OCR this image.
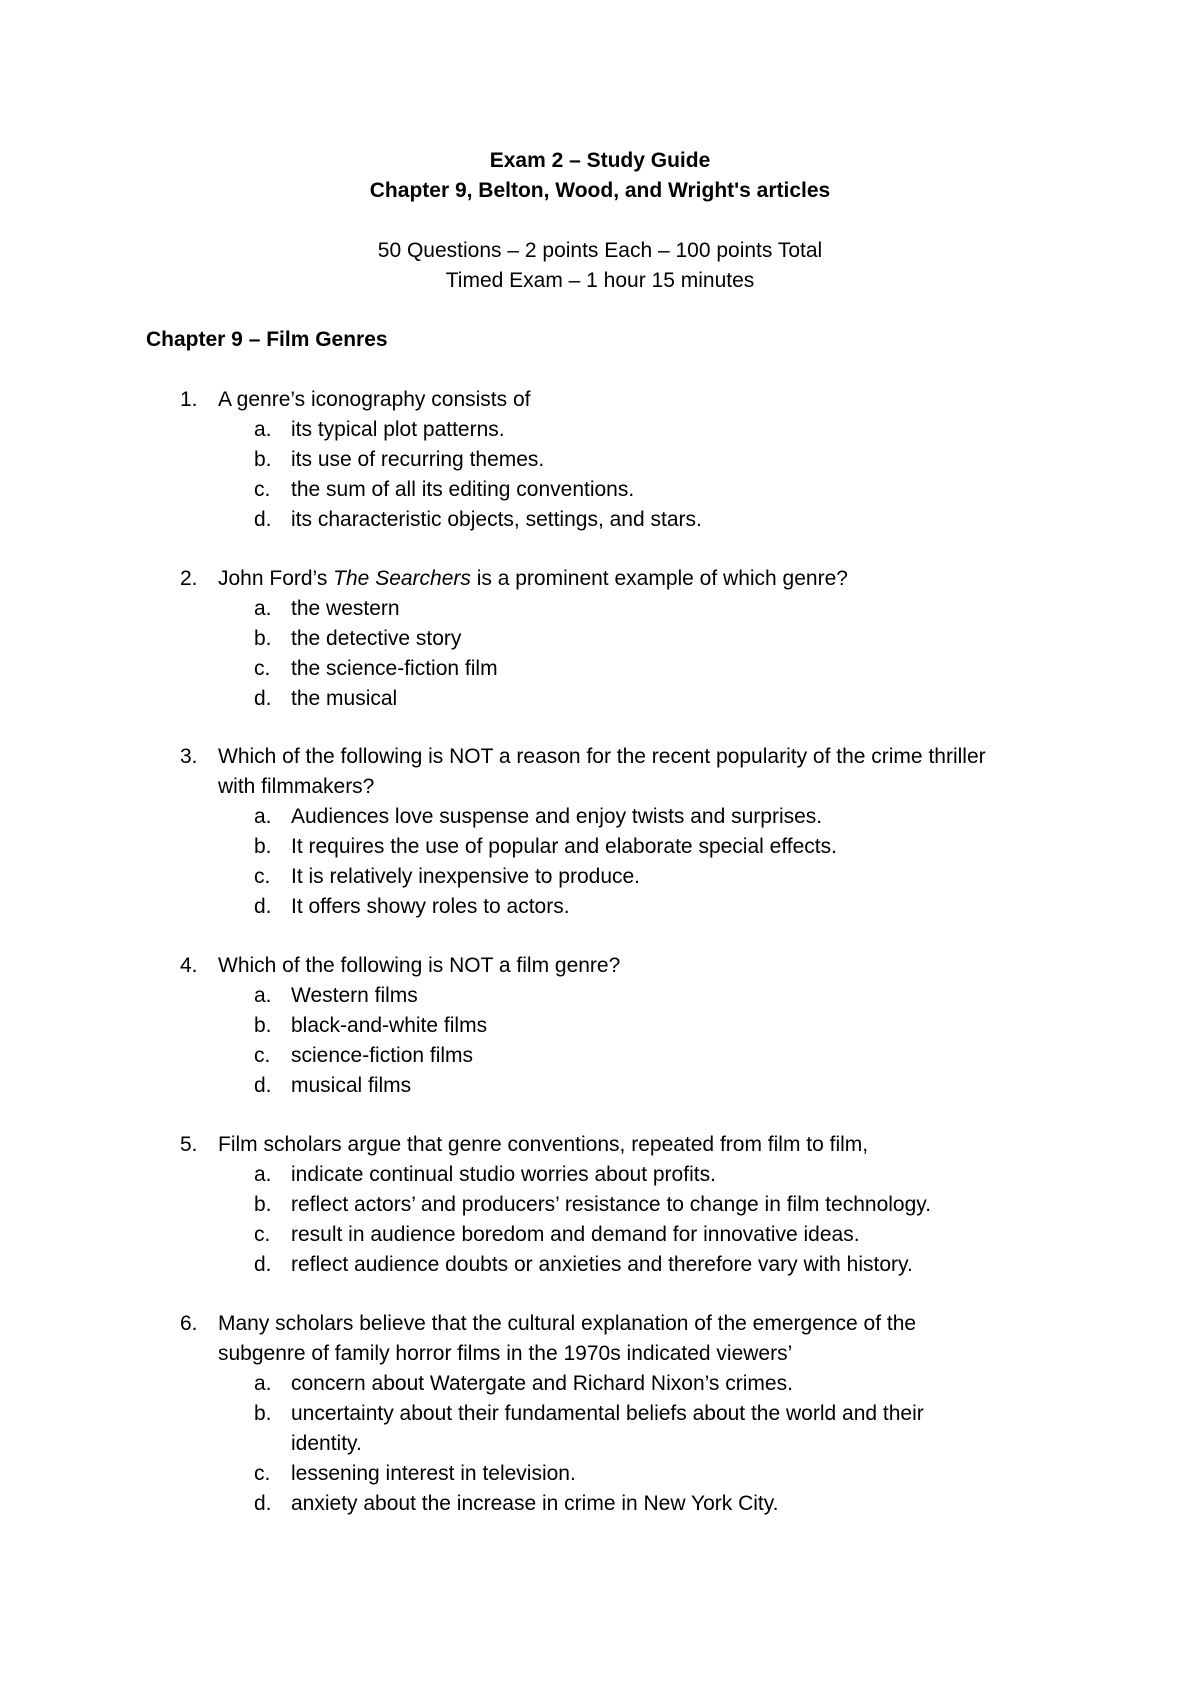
Exam 2 – Study Guide
Chapter 9, Belton, Wood, and Wright's articles
50 Questions – 2 points Each – 100 points Total
Timed Exam – 1 hour 15 minutes
Chapter 9 – Film Genres
1. A genre’s iconography consists of
a. its typical plot patterns.
b. its use of recurring themes.
c. the sum of all its editing conventions.
d. its characteristic objects, settings, and stars.
2. John Ford’s The Searchers is a prominent example of which genre?
a. the western
b. the detective story
c. the science-fiction film
d. the musical
3. Which of the following is NOT a reason for the recent popularity of the crime thriller
with filmmakers?
a. Audiences love suspense and enjoy twists and surprises.
b. It requires the use of popular and elaborate special effects.
c. It is relatively inexpensive to produce.
d. It offers showy roles to actors.
4. Which of the following is NOT a film genre?
a. Western films
b. black-and-white films
c. science-fiction films
d. musical films
5. Film scholars argue that genre conventions, repeated from film to film,
a. indicate continual studio worries about profits.
b. reflect actors’ and producers’ resistance to change in film technology.
c. result in audience boredom and demand for innovative ideas.
d. reflect audience doubts or anxieties and therefore vary with history.
6. Many scholars believe that the cultural explanation of the emergence of the
subgenre of family horror films in the 1970s indicated viewers’
a. concern about Watergate and Richard Nixon’s crimes.
b. uncertainty about their fundamental beliefs about the world and their
identity.
c. lessening interest in television.
d. anxiety about the increase in crime in New York City.
